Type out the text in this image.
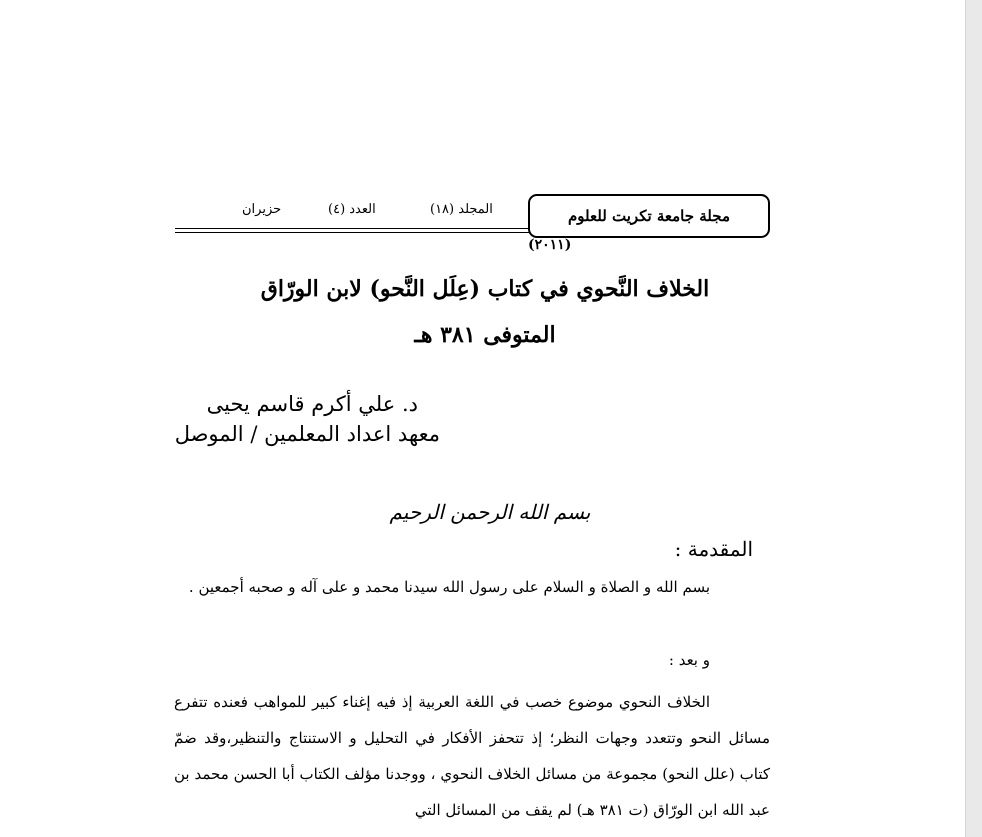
مجلة جامعة تكريت للعلوم
المجلد (١٨)
العدد (٤)
حزيران
(٢٠١١)
الخلاف النَّحوي في كتاب (عِلَل النَّحو) لابن الورّاق
المتوفى ٣٨١ هـ
د. علي أكرم قاسم يحيى
معهد اعداد المعلمين / الموصل
بسم الله الرحمن الرحيم
المقدمة :
بسم الله و الصلاة و السلام على رسول الله سيدنا محمد و على آله و صحبه أجمعين .
و بعد :
الخلاف النحوي موضوع خصب في اللغة العربية إذ فيه إغناء كبير للمواهب فعنده تتفرع مسائل النحو وتتعدد وجهات النظر؛ إذ تتحفز الأفكار في التحليل و الاستنتاج والتنظير،وقد ضمّ كتاب (علل النحو) مجموعة من مسائل الخلاف النحوي ، ووجدنا مؤلف الكتاب أبا الحسن محمد بن عبد الله ابن الورّاق (ت ٣٨١ هـ) لم يقف من المسائل التي
